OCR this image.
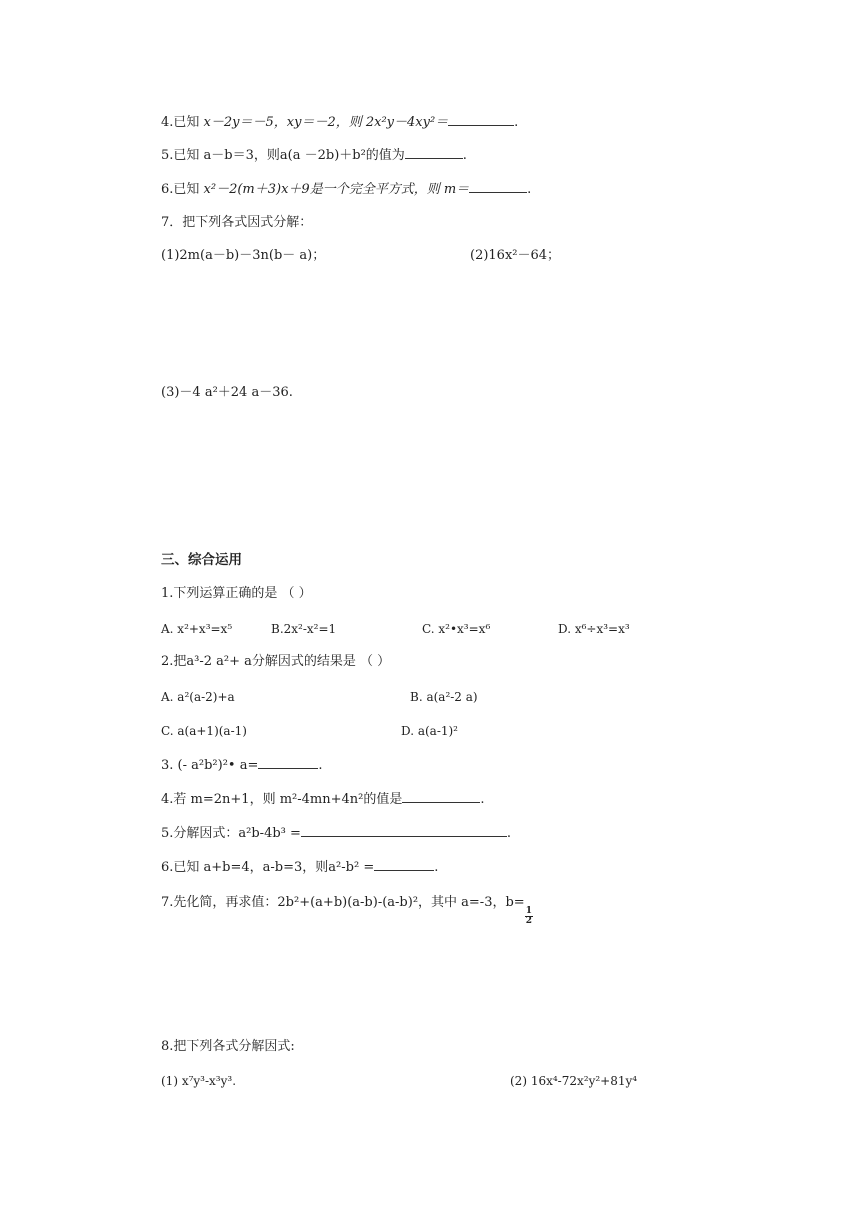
4.已知 x－2y＝－5，xy＝－2，则 2x²y－4xy²＝	.
5.已知 a－b＝3，则a(a －2b)＋b²的值为	.
6.已知 x²－2(m＋3)x＋9是一个完全平方式，则 m＝	.
7．把下列各式因式分解：
(1)2m(a－b)－3n(b－ a)；	(2)16x²－64；
(3)－4 a²＋24 a－36.
三、综合运用
1.下列运算正确的是 （ ）
A. x²+x³=x⁵	B.2x²-x²=1	C. x²•x³=x⁶	D. x⁶÷x³=x³
2.把a³-2 a²+ a分解因式的结果是 （ ）
A. a²(a-2)+a	B. a(a²-2 a)
C. a(a+1)(a-1)	D. a(a-1)²
3. (- a²b²)²• a=	.
4.若 m=2n+1，则 m²-4mn+4n²的值是	.
5.分解因式：a²b-4b³ =	.
6.已知 a+b=4，a-b=3，则a²-b² =	.
7.先化简，再求值：2b²+(a+b)(a-b)-(a-b)²，其中 a=-3，b=
$\frac{1}{2}$
8.把下列各式分解因式:
(1) x⁷y³-x³y³.	(2) 16x⁴-72x²y²+81y⁴
